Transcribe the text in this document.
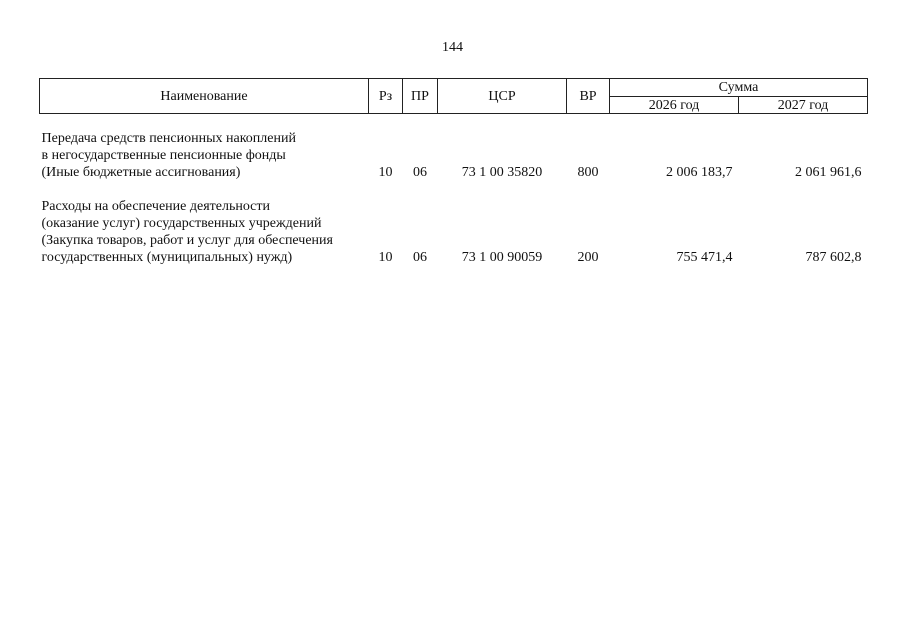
144
Наименование	Рз	ПР	ЦСР	ВР	Сумма	
					2026 год	2027 год

Передача средств пенсионных накоплений
в негосударственные пенсионные фонды
(Иные бюджетные ассигнования)	10	06	73 1 00 35820	800	2 006 183,7	2 061 961,6

Расходы на обеспечение деятельности
(оказание услуг) государственных учреждений
(Закупка товаров, работ и услуг для обеспечения
государственных (муниципальных) нужд)	10	06	73 1 00 90059	200	755 471,4	787 602,8
